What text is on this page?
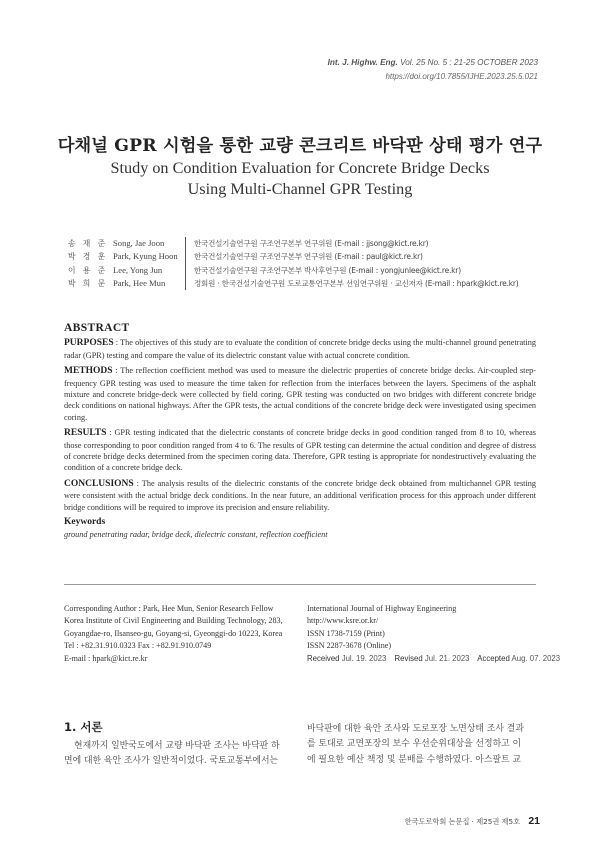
Int. J. Highw. Eng. Vol. 25 No. 5 : 21-25 OCTOBER 2023
https://doi.org/10.7855/IJHE.2023.25.5.021
다채널 GPR 시험을 통한 교량 콘크리트 바닥판 상태 평가 연구
Study on Condition Evaluation for Concrete Bridge Decks Using Multi-Channel GPR Testing
송 재 준 Song, Jae Joon	한국건설기술연구원 구조연구본부 연구위원 (E-mail : jjsong@kict.re.kr)
박 경 훈 Park, Kyung Hoon	한국건설기술연구원 구조연구본부 연구위원 (E-mail : paul@kict.re.kr)
이 용 준 Lee, Yong Jun	한국건설기술연구원 구조연구본부 박사후연구원 (E-mail : yongjunlee@kict.re.kr)
박 희 문 Park, Hee Mun	정회원 · 한국건설기술연구원 도로교통연구본부 선임연구위원 · 교신저자 (E-mail : hpark@kict.re.kr)
ABSTRACT
PURPOSES : The objectives of this study are to evaluate the condition of concrete bridge decks using the multi-channel ground penetrating radar (GPR) testing and compare the value of its dielectric constant value with actual concrete condition.
METHODS : The reflection coefficient method was used to measure the dielectric properties of concrete bridge decks. Air-coupled step-frequency GPR testing was used to measure the time taken for reflection from the interfaces between the layers. Specimens of the asphalt mixture and concrete bridge-deck were collected by field coring. GPR testing was conducted on two bridges with different concrete bridge deck conditions on national highways. After the GPR tests, the actual conditions of the concrete bridge deck were investigated using specimen coring.
RESULTS : GPR testing indicated that the dielectric constants of concrete bridge decks in good condition ranged from 8 to 10, whereas those corresponding to poor condition ranged from 4 to 6. The results of GPR testing can determine the actual condition and degree of distress of concrete bridge decks determined from the specimen coring data. Therefore, GPR testing is appropriate for nondestructively evaluating the condition of a concrete bridge deck.
CONCLUSIONS : The analysis results of the dielectric constants of the concrete bridge deck obtained from multichannel GPR testing were consistent with the actual bridge deck conditions. In the near future, an additional verification process for this approach under different bridge conditions will be required to improve its precision and ensure reliability.
Keywords
ground penetrating radar, bridge deck, dielectric constant, reflection coefficient
Corresponding Author : Park, Hee Mun, Senior Research Fellow
Korea Institute of Civil Engineering and Building Technology, 283,
Goyangdae-ro, Ilsanseo-gu, Goyang-si, Gyeonggi-do 10223, Korea
Tel : +82.31.910.0323 Fax : +82.91.910.0749
E-mail : hpark@kict.re.kr
International Journal of Highway Engineering
http://www.ksre.or.kr/
ISSN 1738-7159 (Print)
ISSN 2287-3678 (Online)
Received Jul. 19. 2023 Revised Jul. 21. 2023 Accepted Aug. 07. 2023
1. 서론
현재까지 일반국도에서 교량 바닥판 조사는 바닥판 하
면에 대한 육안 조사가 일반적이었다. 국토교통부에서는
바닥판에 대한 육안 조사와 도로포장 노면상태 조사 결과
를 토대로 교면포장의 보수 우선순위대상을 선정하고 이
에 필요한 예산 책정 및 분배를 수행하였다. 아스팔트 교
한국도로학회 논문집 · 제25권 제5호 21
